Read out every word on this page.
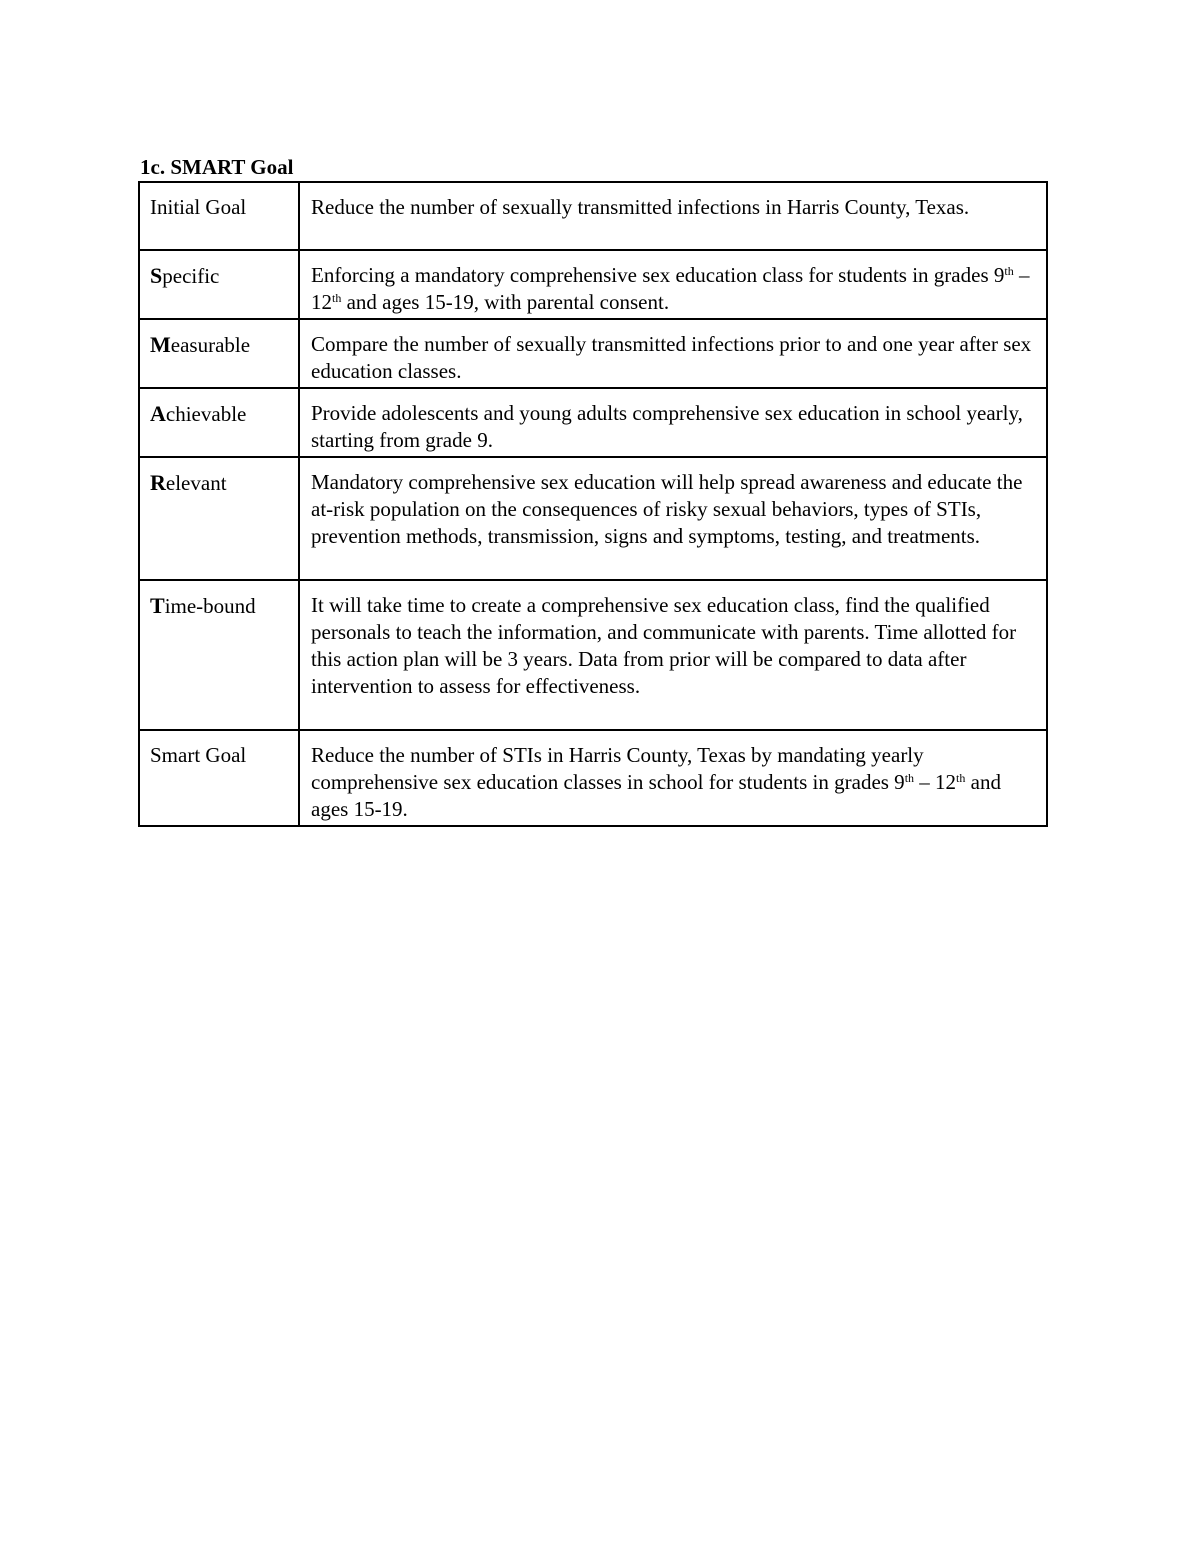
1c. SMART Goal
Initial Goal	Reduce the number of sexually transmitted infections in Harris County, Texas.
Specific	Enforcing a mandatory comprehensive sex education class for students in grades 9th – 12th and ages 15-19, with parental consent.
Measurable	Compare the number of sexually transmitted infections prior to and one year after sex education classes.
Achievable	Provide adolescents and young adults comprehensive sex education in school yearly, starting from grade 9.
Relevant	Mandatory comprehensive sex education will help spread awareness and educate the at-risk population on the consequences of risky sexual behaviors, types of STIs, prevention methods, transmission, signs and symptoms, testing, and treatments.
Time-bound	It will take time to create a comprehensive sex education class, find the qualified personals to teach the information, and communicate with parents. Time allotted for this action plan will be 3 years. Data from prior will be compared to data after intervention to assess for effectiveness.
Smart Goal	Reduce the number of STIs in Harris County, Texas by mandating yearly comprehensive sex education classes in school for students in grades 9th – 12th and ages 15-19.
